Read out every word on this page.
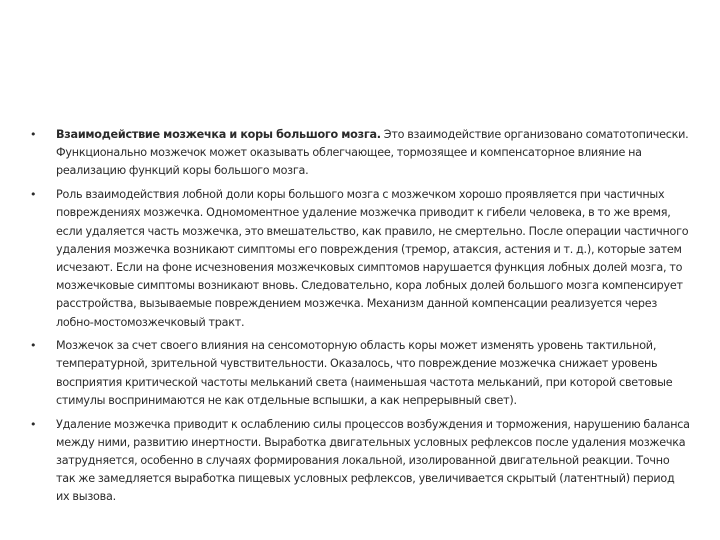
• Взаимодействие мозжечка и коры большого мозга. Это взаимодействие организовано соматотопически. Функционально мозжечок может оказывать облегчающее, тормозящее и компенсаторное влияние на реализацию функций коры большого мозга.
• Роль взаимодействия лобной доли коры большого мозга с мозжечком хорошо проявляется при частичных повреждениях мозжечка. Одномоментное удаление мозжечка приводит к гибели человека, в то же время, если удаляется часть мозжечка, это вмешательство, как правило, не смертельно. После операции частичного удаления мозжечка возникают симптомы его повреждения (тремор, атаксия, астения и т. д.), которые затем исчезают. Если на фоне исчезновения мозжечковых симптомов нарушается функция лобных долей мозга, то мозжечковые симптомы возникают вновь. Следовательно, кора лобных долей большого мозга компенсирует расстройства, вызываемые повреждением мозжечка. Механизм данной компенсации реализуется через лобно-мостомозжечковый тракт.
• Мозжечок за счет своего влияния на сенсомоторную область коры может изменять уровень тактильной, температурной, зрительной чувствительности. Оказалось, что повреждение мозжечка снижает уровень восприятия критической частоты мельканий света (наименьшая частота мельканий, при которой световые стимулы воспринимаются не как отдельные вспышки, а как непрерывный свет).
• Удаление мозжечка приводит к ослаблению силы процессов возбуждения и торможения, нарушению баланса между ними, развитию инертности. Выработка двигательных условных рефлексов после удаления мозжечка затрудняется, особенно в случаях формирования локальной, изолированной двигательной реакции. Точно так же замедляется выработка пищевых условных рефлексов, увеличивается скрытый (латентный) период их вызова.
